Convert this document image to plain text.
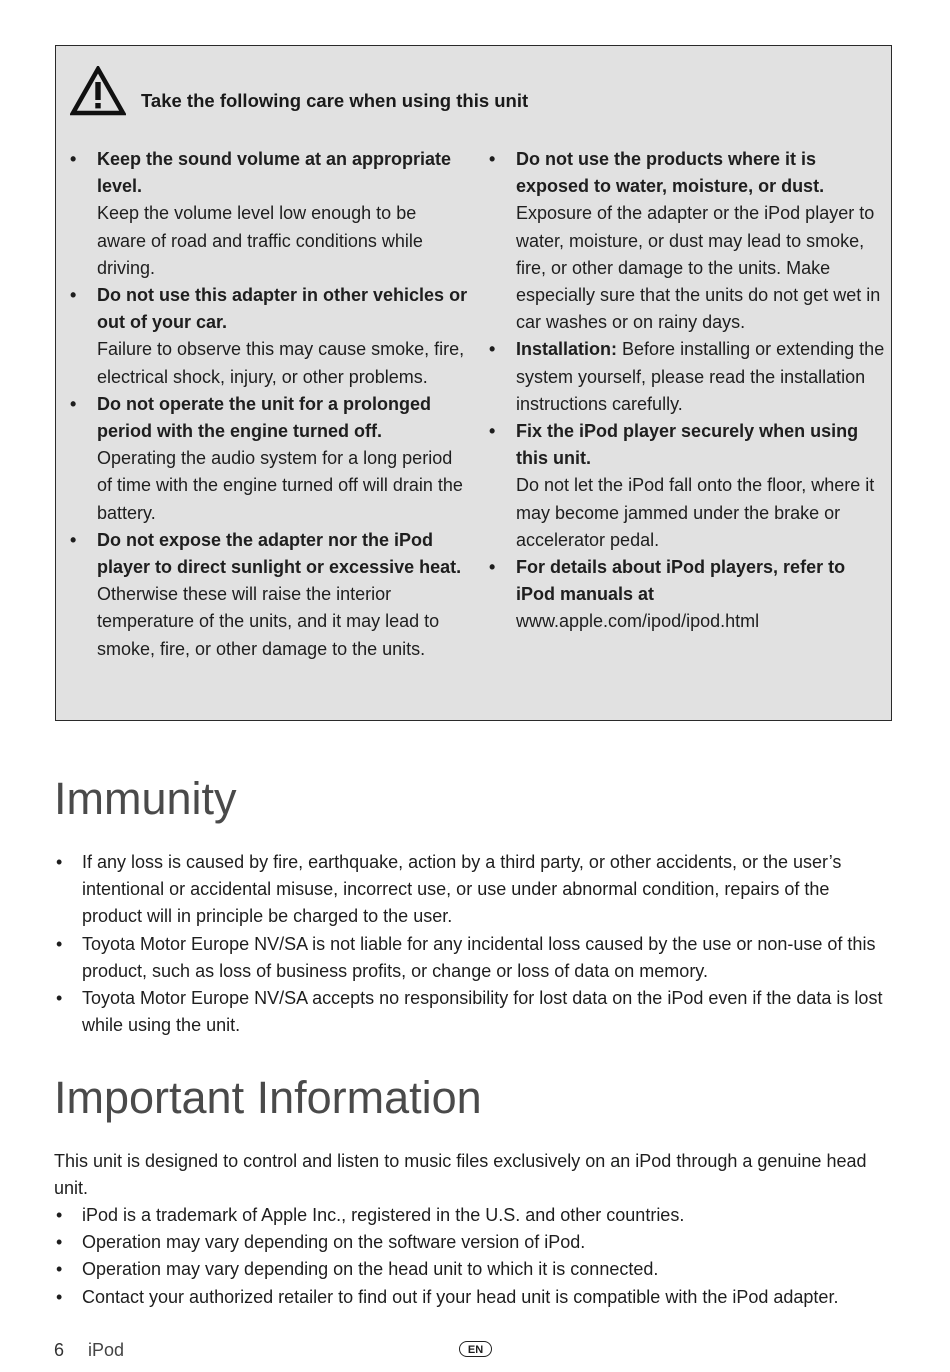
Take the following care when using this unit
• Keep the sound volume at an appropriate level.
Keep the volume level low enough to be aware of road and traffic conditions while driving.
• Do not use this adapter in other vehicles or out of your car.
Failure to observe this may cause smoke, fire, electrical shock, injury, or other problems.
• Do not operate the unit for a prolonged period with the engine turned off.
Operating the audio system for a long period of time with the engine turned off will drain the battery.
• Do not expose the adapter nor the iPod player to direct sunlight or excessive heat.
Otherwise these will raise the interior temperature of the units, and it may lead to smoke, fire, or other damage to the units.
• Do not use the products where it is exposed to water, moisture, or dust.
Exposure of the adapter or the iPod player to water, moisture, or dust may lead to smoke, fire, or other damage to the units. Make especially sure that the units do not get wet in car washes or on rainy days.
• Installation: Before installing or extending the system yourself, please read the installation instructions carefully.
• Fix the iPod player securely when using this unit.
Do not let the iPod fall onto the floor, where it may become jammed under the brake or accelerator pedal.
• For details about iPod players, refer to iPod manuals at
www.apple.com/ipod/ipod.html
Immunity
• If any loss is caused by fire, earthquake, action by a third party, or other accidents, or the user’s intentional or accidental misuse, incorrect use, or use under abnormal condition, repairs of the product will in principle be charged to the user.
• Toyota Motor Europe NV/SA is not liable for any incidental loss caused by the use or non-use of this product, such as loss of business profits, or change or loss of data on memory.
• Toyota Motor Europe NV/SA accepts no responsibility for lost data on the iPod even if the data is lost while using the unit.
Important Information

This unit is designed to control and listen to music files exclusively on an iPod through a genuine head unit.

• iPod is a trademark of Apple Inc., registered in the U.S. and other countries.
• Operation may vary depending on the software version of iPod.
• Operation may vary depending on the head unit to which it is connected.
• Contact your authorized retailer to find out if your head unit is compatible with the iPod adapter.
6 iPod	EN
